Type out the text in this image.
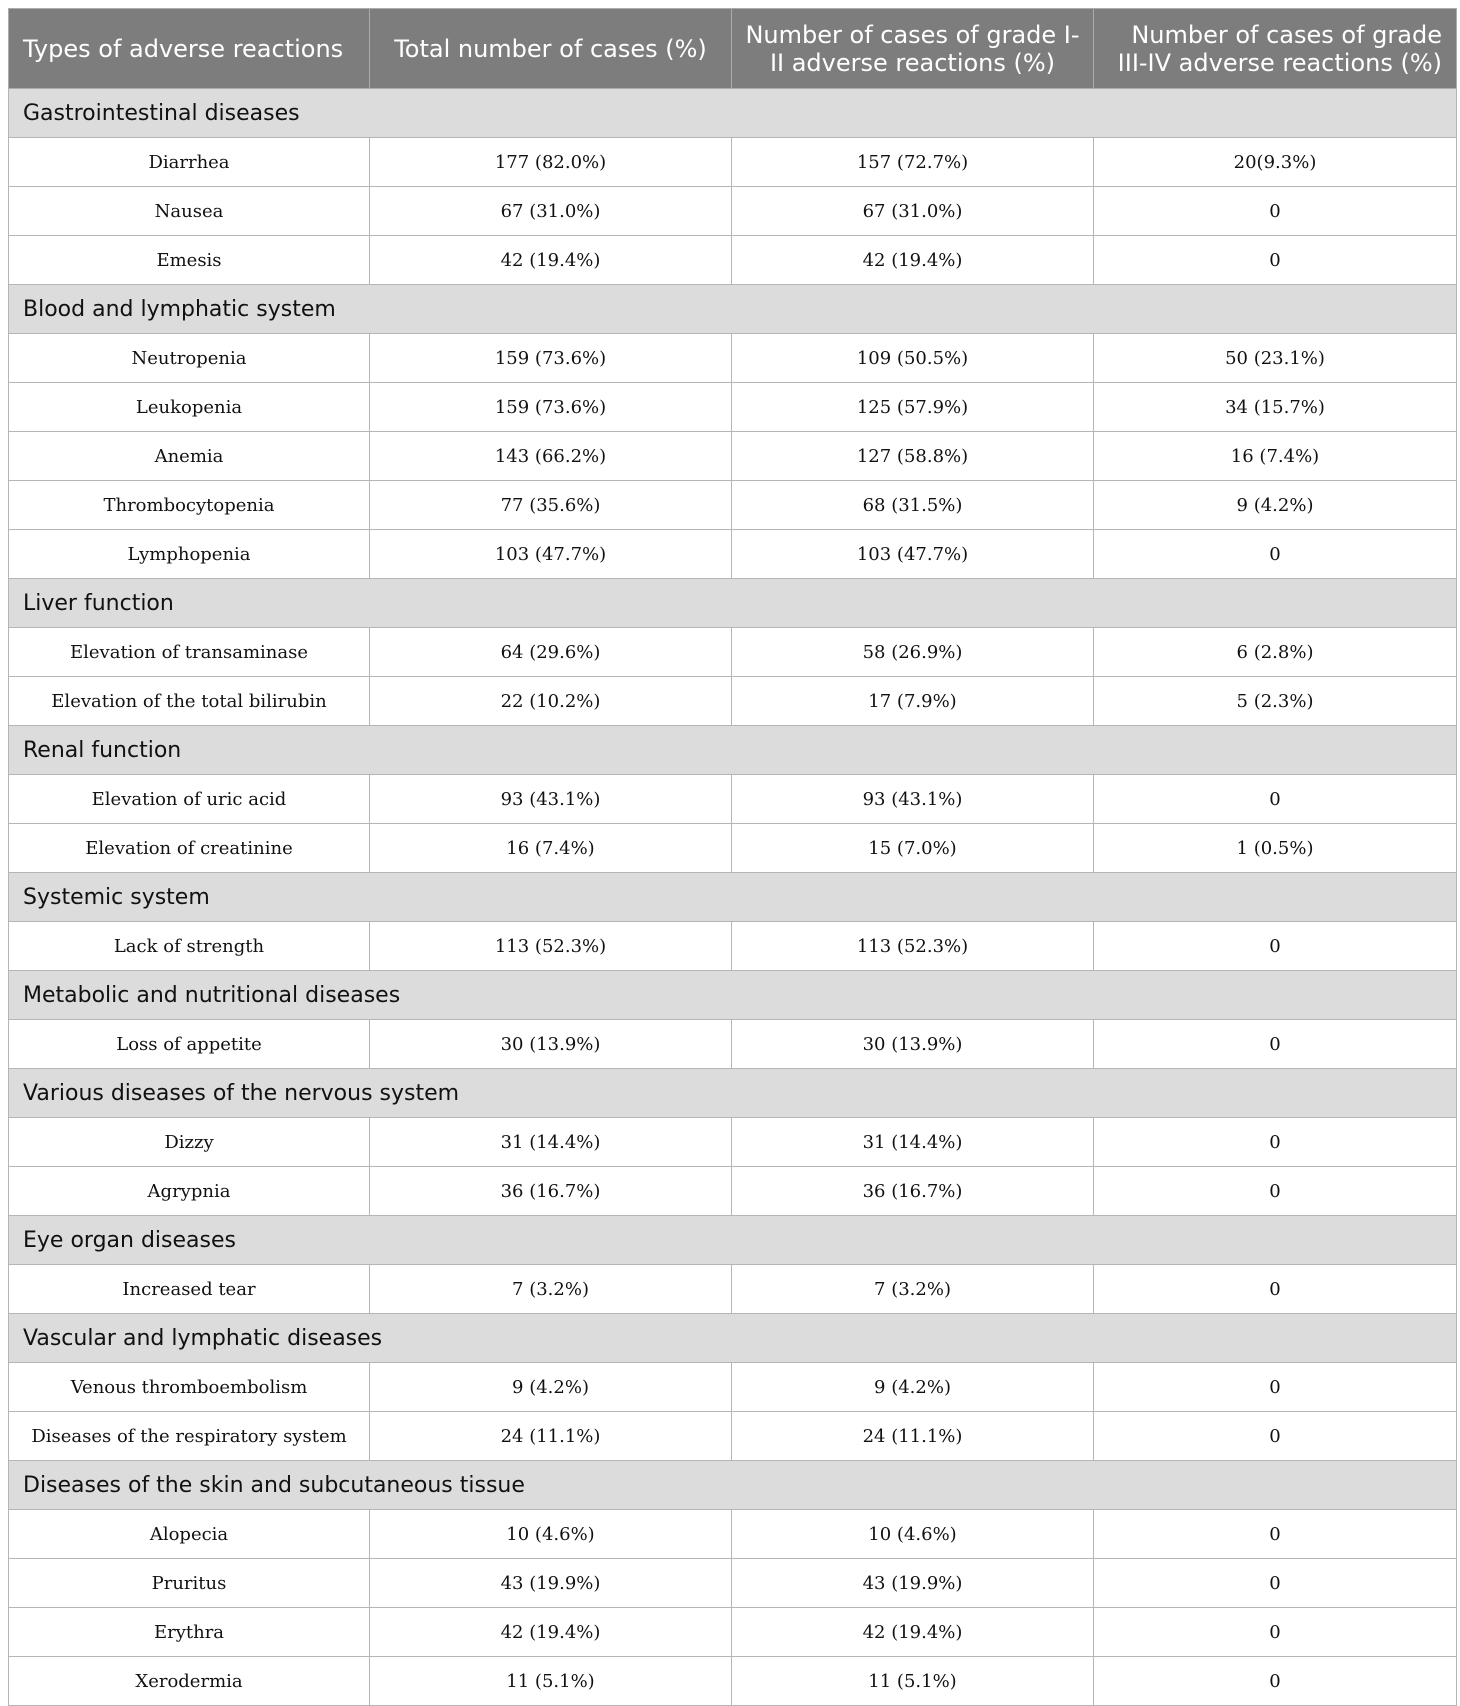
Types of adverse reactions	Total number of cases (%)	Number of cases of grade I-II adverse reactions (%)	Number of cases of grade III-IV adverse reactions (%)
Gastrointestinal diseases			
Diarrhea	177 (82.0%)	157 (72.7%)	20(9.3%)
Nausea	67 (31.0%)	67 (31.0%)	0
Emesis	42 (19.4%)	42 (19.4%)	0
Blood and lymphatic system			
Neutropenia	159 (73.6%)	109 (50.5%)	50 (23.1%)
Leukopenia	159 (73.6%)	125 (57.9%)	34 (15.7%)
Anemia	143 (66.2%)	127 (58.8%)	16 (7.4%)
Thrombocytopenia	77 (35.6%)	68 (31.5%)	9 (4.2%)
Lymphopenia	103 (47.7%)	103 (47.7%)	0
Liver function			
Elevation of transaminase	64 (29.6%)	58 (26.9%)	6 (2.8%)
Elevation of the total bilirubin	22 (10.2%)	17 (7.9%)	5 (2.3%)
Renal function			
Elevation of uric acid	93 (43.1%)	93 (43.1%)	0
Elevation of creatinine	16 (7.4%)	15 (7.0%)	1 (0.5%)
Systemic system			
Lack of strength	113 (52.3%)	113 (52.3%)	0
Metabolic and nutritional diseases			
Loss of appetite	30 (13.9%)	30 (13.9%)	0
Various diseases of the nervous system			
Dizzy	31 (14.4%)	31 (14.4%)	0
Agrypnia	36 (16.7%)	36 (16.7%)	0
Eye organ diseases			
Increased tear	7 (3.2%)	7 (3.2%)	0
Vascular and lymphatic diseases			
Venous thromboembolism	9 (4.2%)	9 (4.2%)	0
Diseases of the respiratory system	24 (11.1%)	24 (11.1%)	0
Diseases of the skin and subcutaneous tissue			
Alopecia	10 (4.6%)	10 (4.6%)	0
Pruritus	43 (19.9%)	43 (19.9%)	0
Erythra	42 (19.4%)	42 (19.4%)	0
Xerodermia	11 (5.1%)	11 (5.1%)	0
